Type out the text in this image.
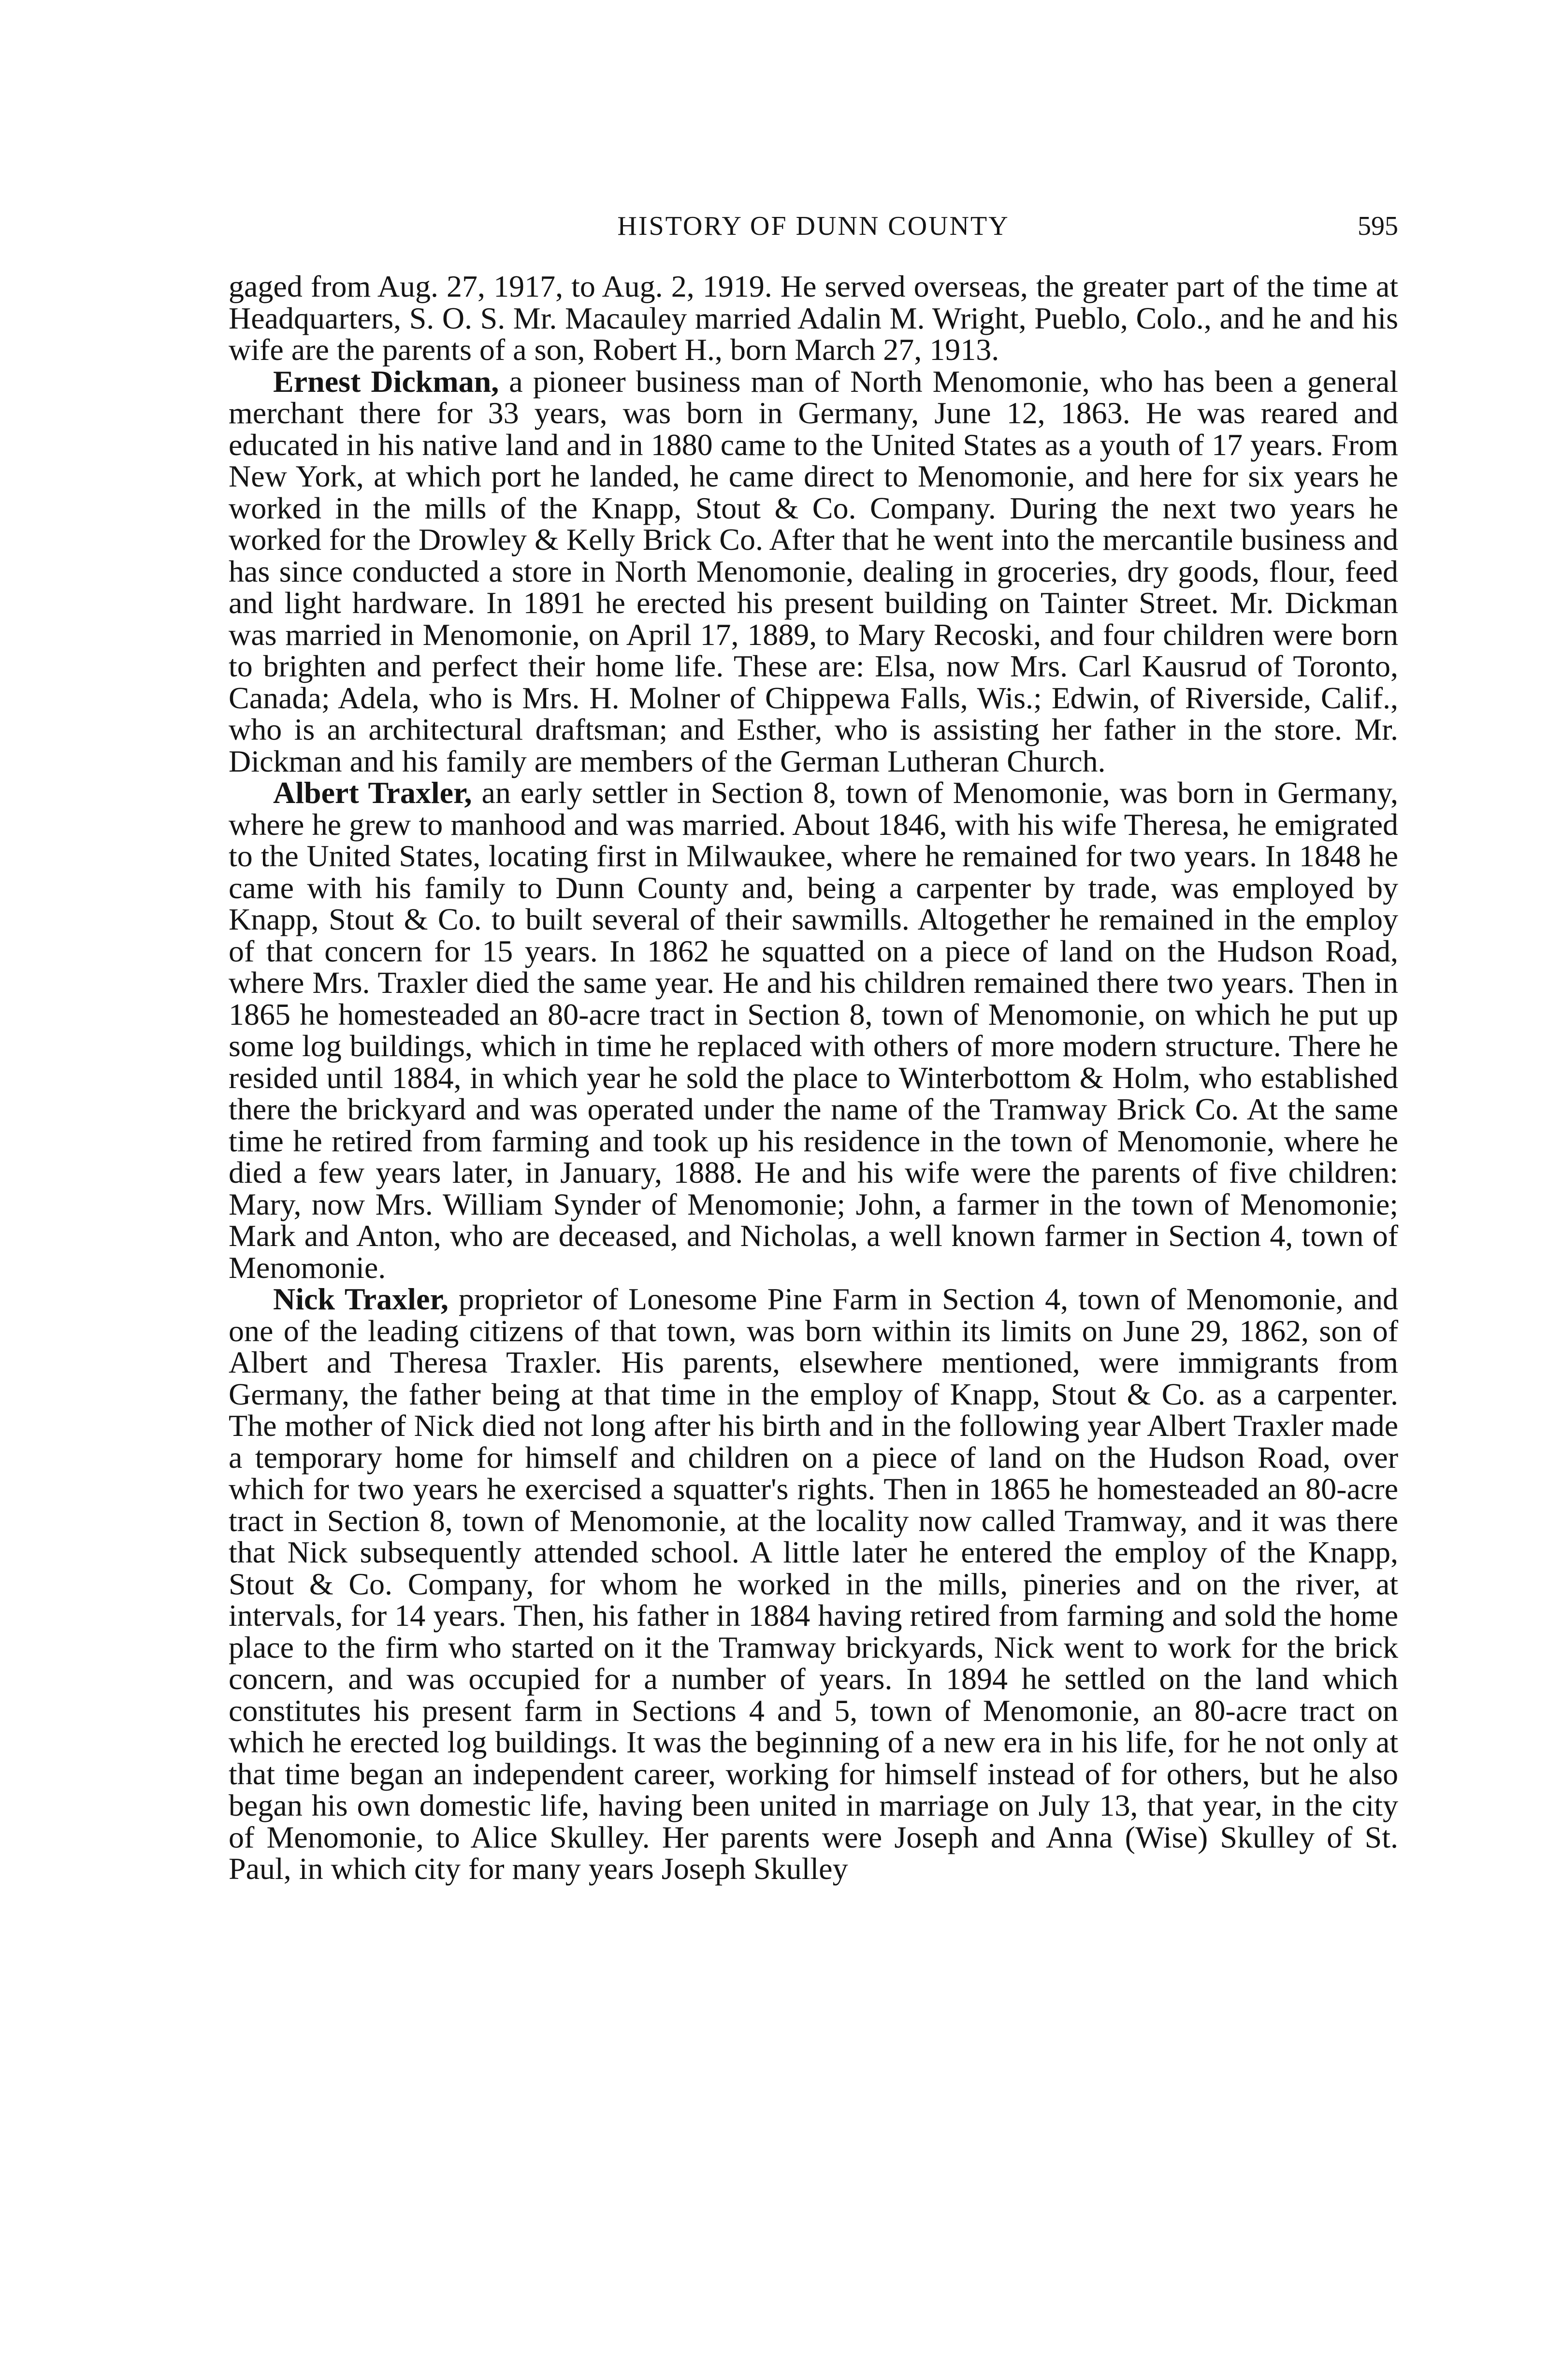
HISTORY OF DUNN COUNTY	595

gaged from Aug. 27, 1917, to Aug. 2, 1919. He served overseas, the greater part of the time at Headquarters, S. O. S. Mr. Macauley married Adalin M. Wright, Pueblo, Colo., and he and his wife are the parents of a son, Robert H., born March 27, 1913.

Ernest Dickman, a pioneer business man of North Menomonie, who has been a general merchant there for 33 years, was born in Germany, June 12, 1863. He was reared and educated in his native land and in 1880 came to the United States as a youth of 17 years. From New York, at which port he landed, he came direct to Menomonie, and here for six years he worked in the mills of the Knapp, Stout & Co. Company. During the next two years he worked for the Drowley & Kelly Brick Co. After that he went into the mercantile business and has since conducted a store in North Menomonie, dealing in groceries, dry goods, flour, feed and light hardware. In 1891 he erected his present building on Tainter Street. Mr. Dickman was married in Menomonie, on April 17, 1889, to Mary Recoski, and four children were born to brighten and perfect their home life. These are: Elsa, now Mrs. Carl Kausrud of Toronto, Canada; Adela, who is Mrs. H. Molner of Chippewa Falls, Wis.; Edwin, of Riverside, Calif., who is an architectural draftsman; and Esther, who is assisting her father in the store. Mr. Dickman and his family are members of the German Lutheran Church.

Albert Traxler, an early settler in Section 8, town of Menomonie, was born in Germany, where he grew to manhood and was married. About 1846, with his wife Theresa, he emigrated to the United States, locating first in Milwaukee, where he remained for two years. In 1848 he came with his family to Dunn County and, being a carpenter by trade, was employed by Knapp, Stout & Co. to built several of their sawmills. Altogether he remained in the employ of that concern for 15 years. In 1862 he squatted on a piece of land on the Hudson Road, where Mrs. Traxler died the same year. He and his children remained there two years. Then in 1865 he homesteaded an 80-acre tract in Section 8, town of Menomonie, on which he put up some log buildings, which in time he replaced with others of more modern structure. There he resided until 1884, in which year he sold the place to Winterbottom & Holm, who established there the brickyard and was operated under the name of the Tramway Brick Co. At the same time he retired from farming and took up his residence in the town of Menomonie, where he died a few years later, in January, 1888. He and his wife were the parents of five children: Mary, now Mrs. William Synder of Menomonie; John, a farmer in the town of Menomonie; Mark and Anton, who are deceased, and Nicholas, a well known farmer in Section 4, town of Menomonie.

Nick Traxler, proprietor of Lonesome Pine Farm in Section 4, town of Menomonie, and one of the leading citizens of that town, was born within its limits on June 29, 1862, son of Albert and Theresa Traxler. His parents, elsewhere mentioned, were immigrants from Germany, the father being at that time in the employ of Knapp, Stout & Co. as a carpenter. The mother of Nick died not long after his birth and in the following year Albert Traxler made a temporary home for himself and children on a piece of land on the Hudson Road, over which for two years he exercised a squatter's rights. Then in 1865 he homesteaded an 80-acre tract in Section 8, town of Menomonie, at the locality now called Tramway, and it was there that Nick subsequently attended school. A little later he entered the employ of the Knapp, Stout & Co. Company, for whom he worked in the mills, pineries and on the river, at intervals, for 14 years. Then, his father in 1884 having retired from farming and sold the home place to the firm who started on it the Tramway brickyards, Nick went to work for the brick concern, and was occupied for a number of years. In 1894 he settled on the land which constitutes his present farm in Sections 4 and 5, town of Menomonie, an 80-acre tract on which he erected log buildings. It was the beginning of a new era in his life, for he not only at that time began an independent career, working for himself instead of for others, but he also began his own domestic life, having been united in marriage on July 13, that year, in the city of Menomonie, to Alice Skulley. Her parents were Joseph and Anna (Wise) Skulley of St. Paul, in which city for many years Joseph Skulley
